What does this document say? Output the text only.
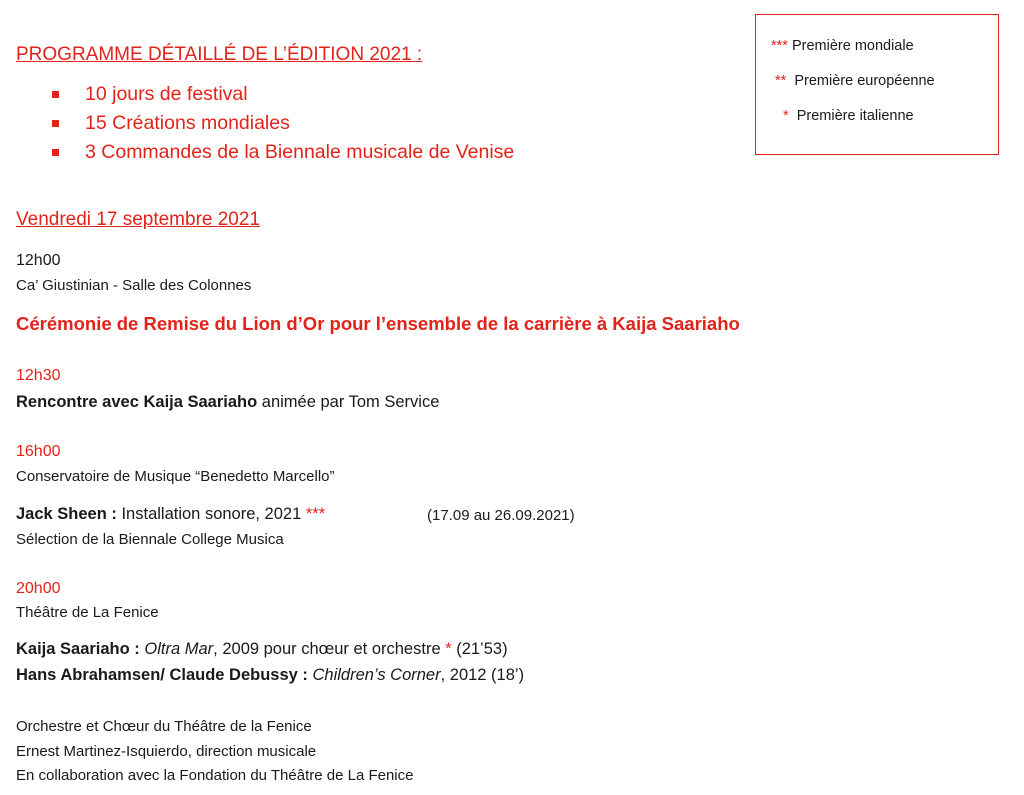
PROGRAMME DÉTAILLÉ DE L’ÉDITION 2021 :
10 jours de festival
15 Créations mondiales
3 Commandes de la Biennale musicale de Venise
*** Première mondiale
** Première européenne
* Première italienne
Vendredi 17 septembre 2021
12h00
Ca’ Giustinian - Salle des Colonnes
Cérémonie de Remise du Lion d’Or pour l’ensemble de la carrière à Kaija Saariaho
12h30
Rencontre avec Kaija Saariaho animée par Tom Service
16h00
Conservatoire de Musique “Benedetto Marcello”
Jack Sheen : Installation sonore, 2021 ***	(17.09 au 26.09.2021)
Sélection de la Biennale College Musica
20h00
Théâtre de La Fenice
Kaija Saariaho : Oltra Mar, 2009 pour chœur et orchestre * (21’53)
Hans Abrahamsen/ Claude Debussy : Children’s Corner, 2012 (18’)
Orchestre et Chœur du Théâtre de la Fenice
Ernest Martinez-Isquierdo, direction musicale
En collaboration avec la Fondation du Théâtre de La Fenice
